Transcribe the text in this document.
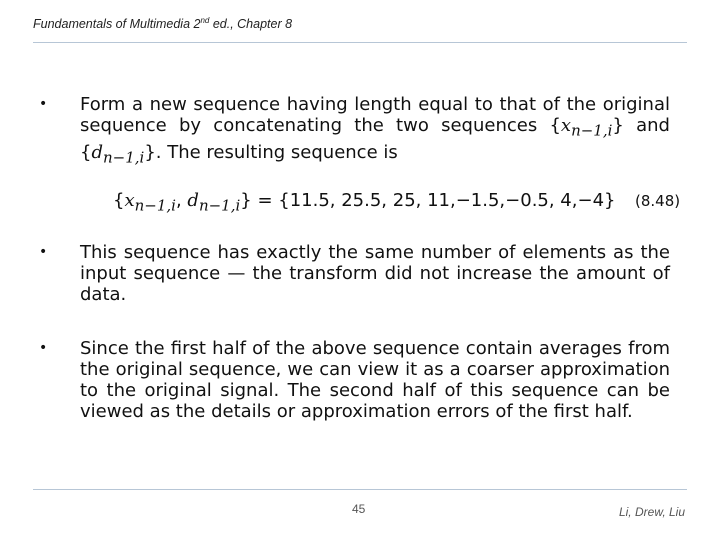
Fundamentals of Multimedia 2nd ed., Chapter 8
• Form a new sequence having length equal to that of the original sequence by concatenating the two sequences $\{x_{n-1,i}\}$ and $\{d_{n-1,i}\}$. The resulting sequence is
{$x_{n-1,i}$, $d_{n-1,i}\} = \{11.5$, 25.5, 25, 11,−1.5,−0.5, 4,−4} (8.48)
• This sequence has exactly the same number of elements as the input sequence — the transform did not increase the amount of data.
• Since the first half of the above sequence contain averages from the original sequence, we can view it as a coarser approximation to the original signal. The second half of this sequence can be viewed as the details or approximation errors of the first half.
45	Li, Drew, Liu
